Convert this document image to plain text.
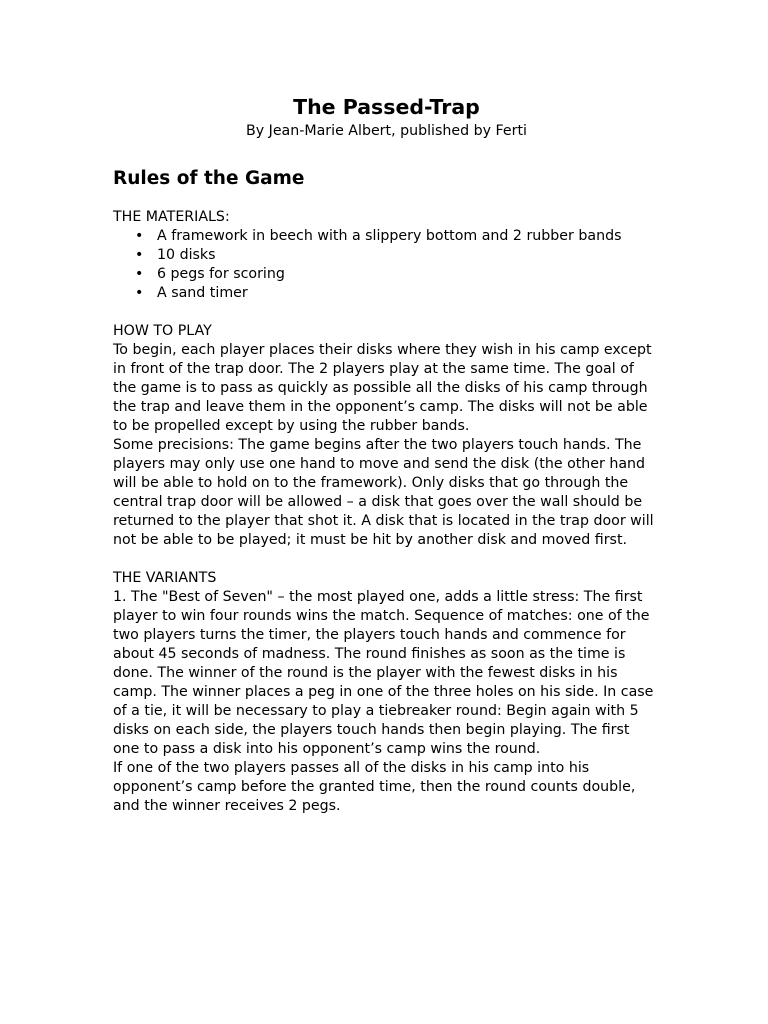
The Passed-Trap
By Jean-Marie Albert, published by Ferti
Rules of the Game
THE MATERIALS:
• A framework in beech with a slippery bottom and 2 rubber bands
• 10 disks
• 6 pegs for scoring
• A sand timer
HOW TO PLAY

To begin, each player places their disks where they wish in his camp except in front of the trap door. The 2 players play at the same time. The goal of the game is to pass as quickly as possible all the disks of his camp through the trap and leave them in the opponent’s camp. The disks will not be able to be propelled except by using the rubber bands.

Some precisions: The game begins after the two players touch hands. The players may only use one hand to move and send the disk (the other hand will be able to hold on to the framework). Only disks that go through the central trap door will be allowed – a disk that goes over the wall should be returned to the player that shot it. A disk that is located in the trap door will not be able to be played; it must be hit by another disk and moved first.

THE VARIANTS

1. The "Best of Seven" – the most played one, adds a little stress: The first player to win four rounds wins the match. Sequence of matches: one of the two players turns the timer, the players touch hands and commence for about 45 seconds of madness. The round finishes as soon as the time is done. The winner of the round is the player with the fewest disks in his camp. The winner places a peg in one of the three holes on his side. In case of a tie, it will be necessary to play a tiebreaker round: Begin again with 5 disks on each side, the players touch hands then begin playing. The first one to pass a disk into his opponent’s camp wins the round.

If one of the two players passes all of the disks in his camp into his opponent’s camp before the granted time, then the round counts double, and the winner receives 2 pegs.
